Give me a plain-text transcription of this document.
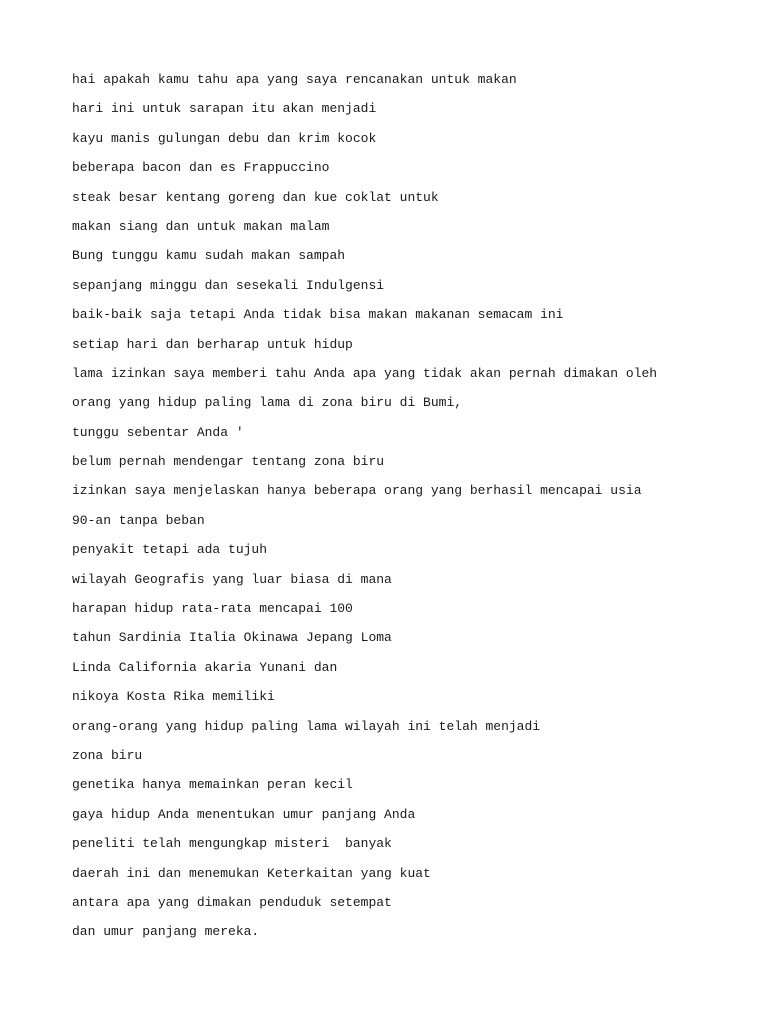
hai apakah kamu tahu apa yang saya rencanakan untuk makan
hari ini untuk sarapan itu akan menjadi
kayu manis gulungan debu dan krim kocok
beberapa bacon dan es Frappuccino
steak besar kentang goreng dan kue coklat untuk
makan siang dan untuk makan malam
Bung tunggu kamu sudah makan sampah
sepanjang minggu dan sesekali Indulgensi
baik-baik saja tetapi Anda tidak bisa makan makanan semacam ini
setiap hari dan berharap untuk hidup
lama izinkan saya memberi tahu Anda apa yang tidak akan pernah dimakan oleh
orang yang hidup paling lama di zona biru di Bumi,
tunggu sebentar Anda '
belum pernah mendengar tentang zona biru
izinkan saya menjelaskan hanya beberapa orang yang berhasil mencapai usia
90-an tanpa beban
penyakit tetapi ada tujuh
wilayah Geografis yang luar biasa di mana
harapan hidup rata-rata mencapai 100
tahun Sardinia Italia Okinawa Jepang Loma
Linda California akaria Yunani dan
nikoya Kosta Rika memiliki
orang-orang yang hidup paling lama wilayah ini telah menjadi
zona biru
genetika hanya memainkan peran kecil
gaya hidup Anda menentukan umur panjang Anda
peneliti telah mengungkap misteri  banyak
daerah ini dan menemukan Keterkaitan yang kuat
antara apa yang dimakan penduduk setempat
dan umur panjang mereka.
